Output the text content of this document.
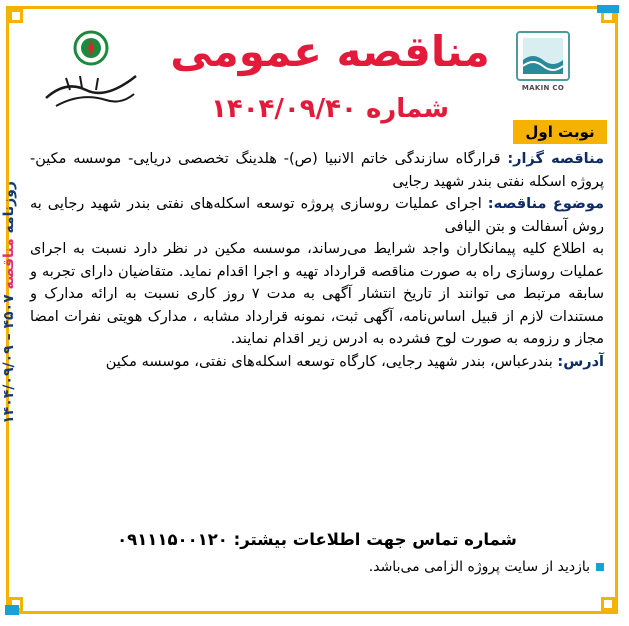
روزنامه مناقصه ۴۵۰۷ – ۱۴۰۴/۰۹/۰۹
MAKIN CO
مناقصه عمومی
شماره ۱۴۰۴/۰۹/۴۰
نوبت اول

مناقصه گزار: قرارگاه سازندگی خاتم الانبیا (ص)- هلدینگ تخصصی دریایی- موسسه مکین- پروژه اسکله نفتی بندر شهید رجایی

موضوع مناقصه: اجرای عملیات روسازی پروژه توسعه اسکله‌های نفتی بندر شهید رجایی به روش آسفالت و بتن الیافی

به اطلاع کلیه پیمانکاران واجد شرایط می‌رساند، موسسه مکین در نظر دارد نسبت به اجرای عملیات روسازی راه به صورت مناقصه قرارداد تهیه و اجرا اقدام نماید. متقاضیان دارای تجربه و سابقه مرتبط می توانند از تاریخ انتشار آگهی به مدت ۷ روز کاری نسبت به ارائه مدارک و مستندات لازم از قبیل اساس‌نامه، آگهی ثبت، نمونه قرارداد مشابه ، مدارک هویتی نفرات امضا مجاز و رزومه به صورت لوح فشرده به ادرس زیر اقدام نمایند.

آدرس: بندرعباس، بندر شهید رجایی، کارگاه توسعه اسکله‌های نفتی، موسسه مکین

شماره تماس جهت اطلاعات بیشتر: ۰۹۱۱۱۵۰۰۱۲۰
بازدید از سایت پروژه الزامی می‌باشد.
